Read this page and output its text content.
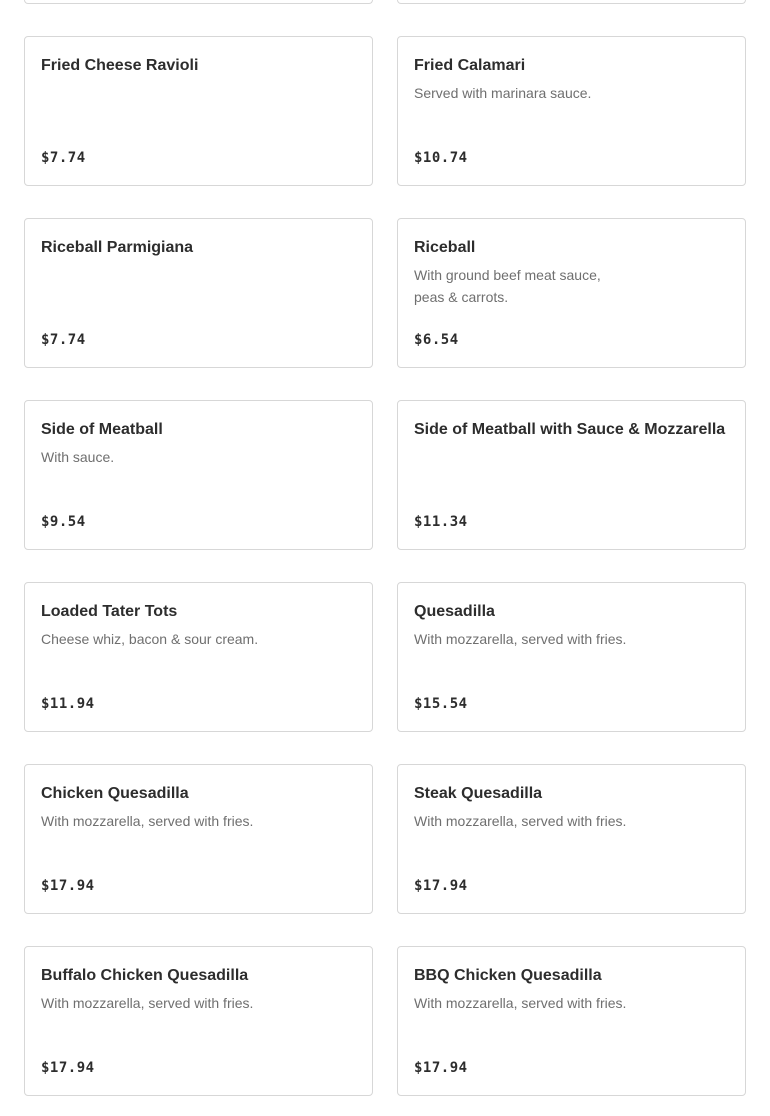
Fried Cheese Ravioli
$7.74
Fried Calamari
Served with marinara sauce.
$10.74
Riceball Parmigiana
$7.74
Riceball
With ground beef meat sauce, peas & carrots.
$6.54
Side of Meatball
With sauce.
$9.54
Side of Meatball with Sauce & Mozzarella
$11.34
Loaded Tater Tots
Cheese whiz, bacon & sour cream.
$11.94
Quesadilla
With mozzarella, served with fries.
$15.54
Chicken Quesadilla
With mozzarella, served with fries.
$17.94
Steak Quesadilla
With mozzarella, served with fries.
$17.94
Buffalo Chicken Quesadilla
With mozzarella, served with fries.
$17.94
BBQ Chicken Quesadilla
With mozzarella, served with fries.
$17.94
